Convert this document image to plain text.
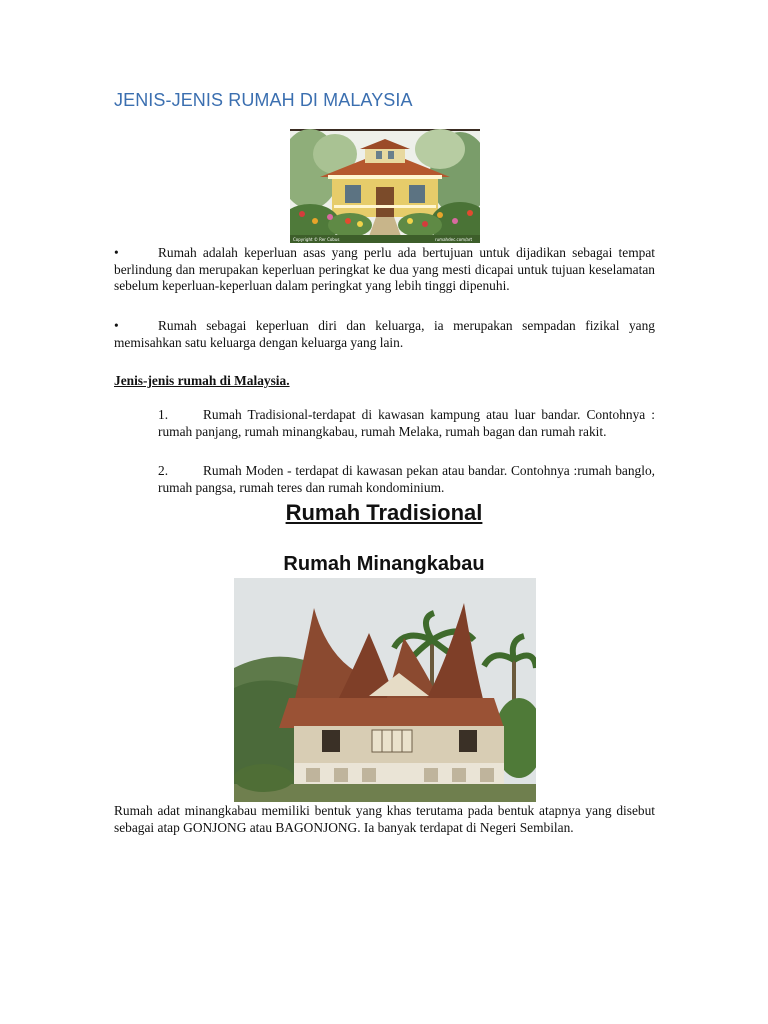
JENIS-JENIS RUMAH DI MALAYSIA
Copyright © Rer Cobus	rumahdec.com/art
•	Rumah adalah keperluan asas yang perlu ada bertujuan untuk dijadikan sebagai tempat berlindung dan merupakan keperluan peringkat ke dua yang mesti dicapai untuk tujuan keselamatan sebelum keperluan-keperluan dalam peringkat yang lebih tinggi dipenuhi.
•	Rumah sebagai keperluan diri dan keluarga, ia merupakan sempadan fizikal yang memisahkan satu keluarga dengan keluarga yang lain.
Jenis-jenis rumah di Malaysia.
1.	Rumah Tradisional-terdapat di kawasan kampung atau luar bandar. Contohnya : rumah panjang, rumah minangkabau, rumah Melaka, rumah bagan dan rumah rakit.
2.	Rumah Moden - terdapat di kawasan pekan atau bandar. Contohnya :rumah banglo, rumah pangsa, rumah teres dan rumah kondominium.
Rumah Tradisional
Rumah Minangkabau
Rumah adat minangkabau memiliki bentuk yang khas terutama pada bentuk atapnya yang disebut sebagai atap GONJONG atau BAGONJONG. Ia banyak terdapat di Negeri Sembilan.
